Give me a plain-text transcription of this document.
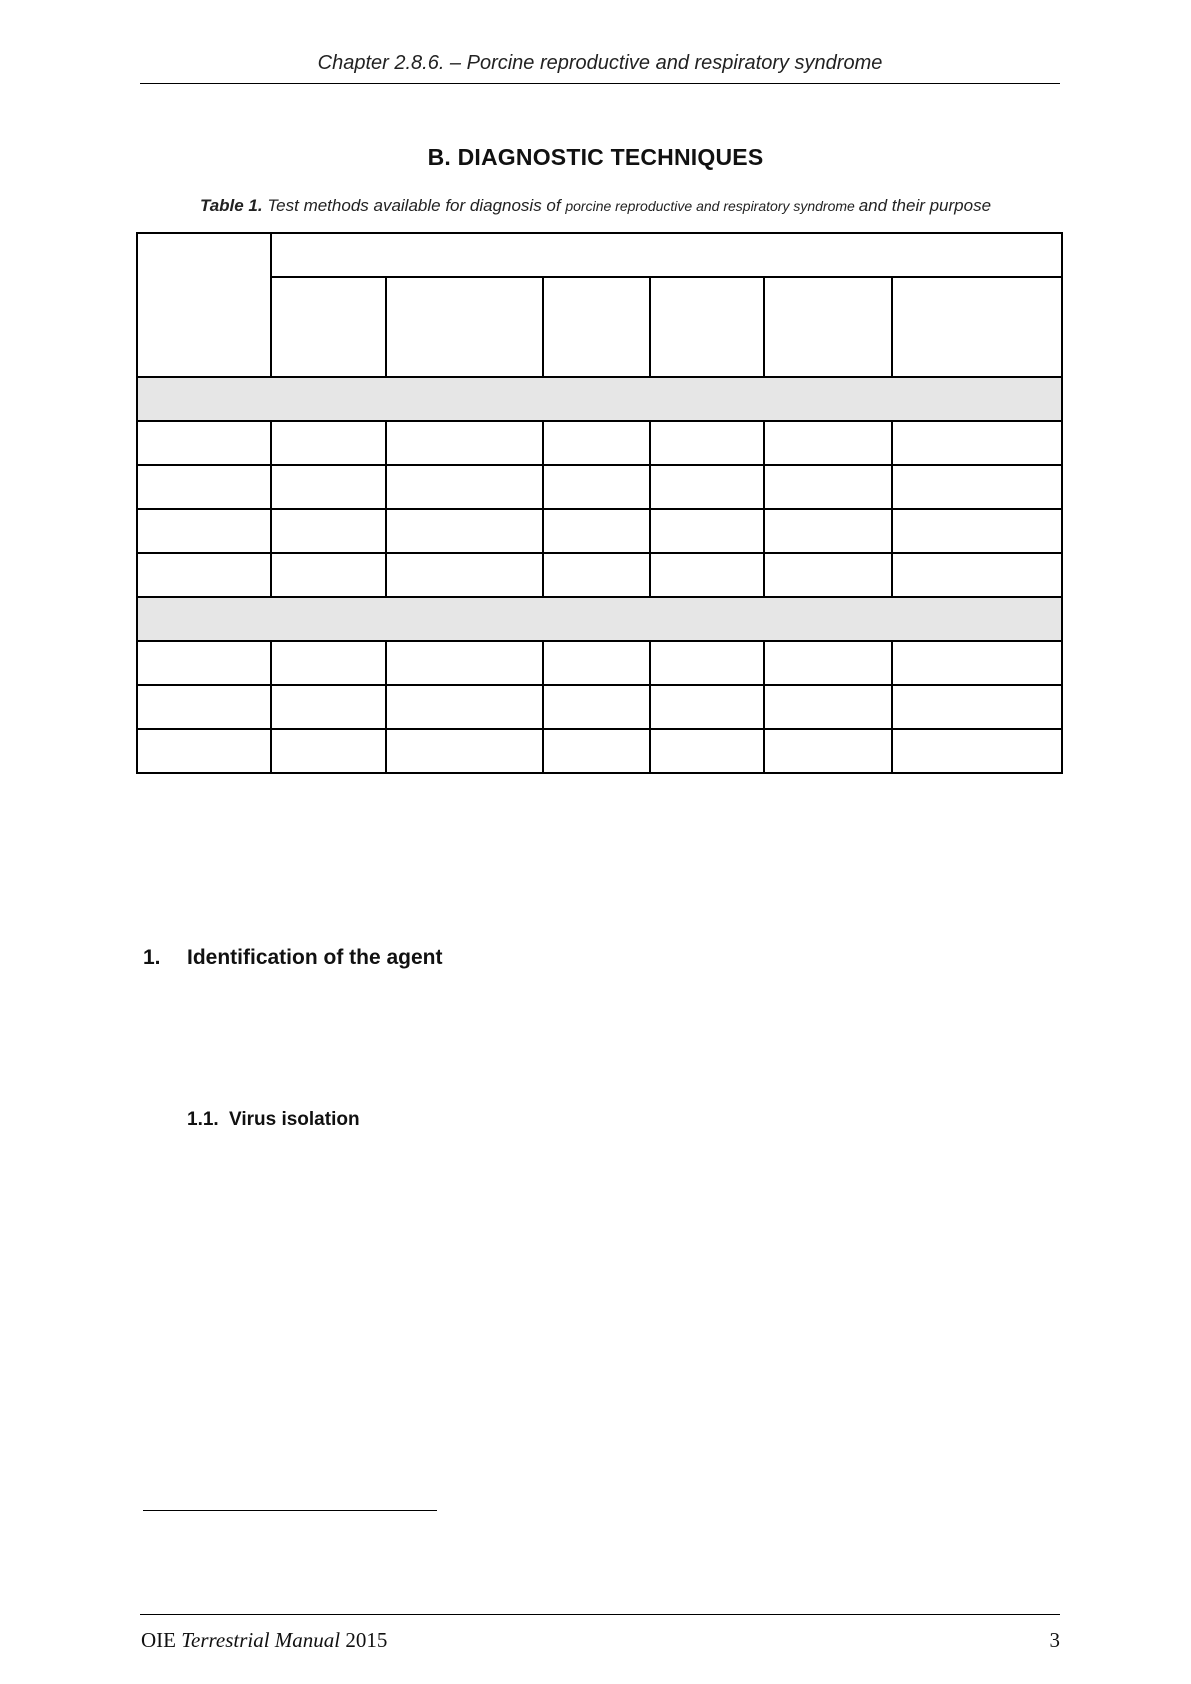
Chapter 2.8.6. – Porcine reproductive and respiratory syndrome
B. DIAGNOSTIC TECHNIQUES
Table 1. Test methods available for diagnosis of porcine reproductive and respiratory syndrome and their purpose

1. Identification of the agent
1.1. Virus isolation
OIE Terrestrial Manual 2015	3
